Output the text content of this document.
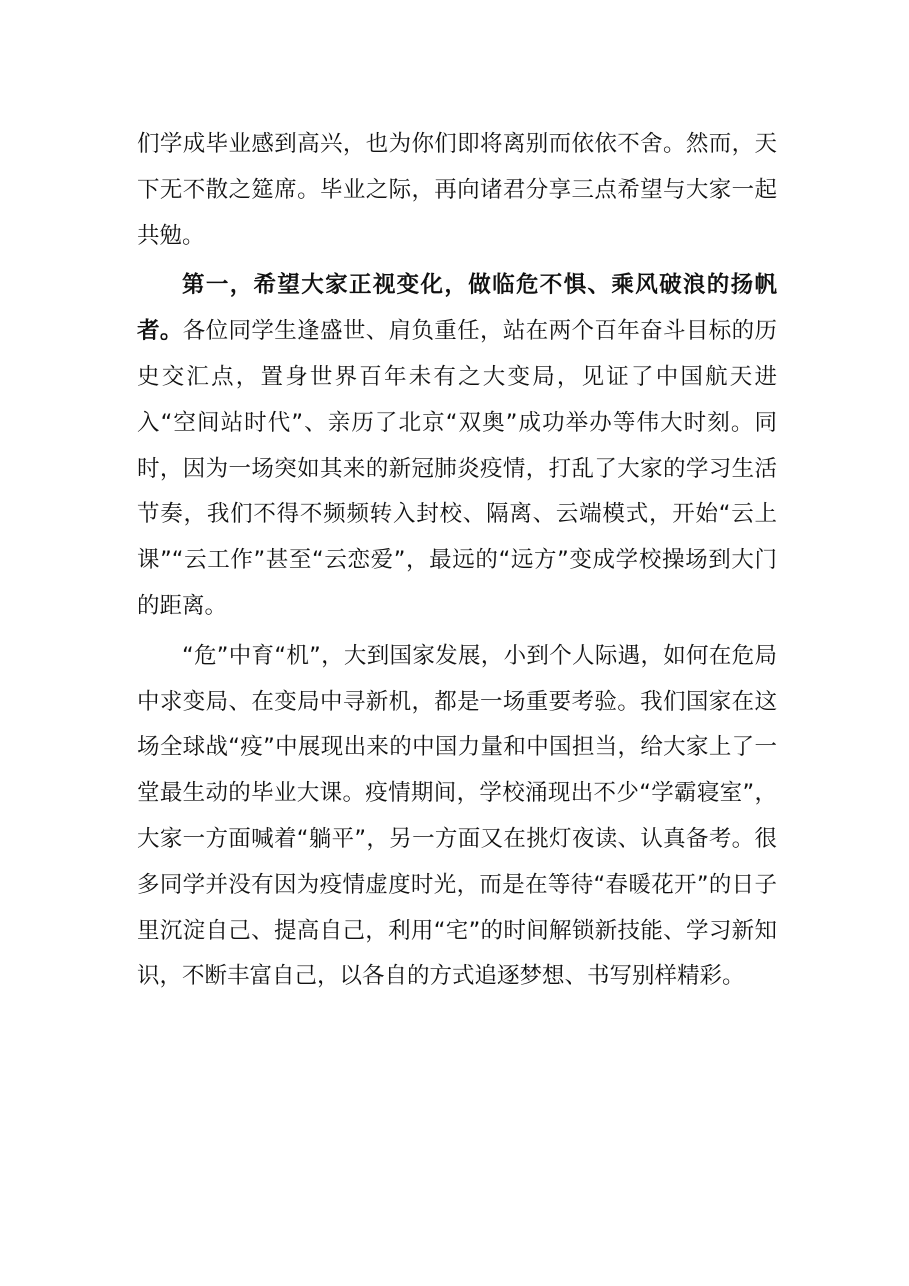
们学成毕业感到高兴，也为你们即将离别而依依不舍。然而，天下无不散之筵席。毕业之际，再向诸君分享三点希望与大家一起共勉。

第一，希望大家正视变化，做临危不惧、乘风破浪的扬帆者。各位同学生逢盛世、肩负重任，站在两个百年奋斗目标的历史交汇点，置身世界百年未有之大变局，见证了中国航天进入“空间站时代”、亲历了北京“双奥”成功举办等伟大时刻。同时，因为一场突如其来的新冠肺炎疫情，打乱了大家的学习生活节奏，我们不得不频频转入封校、隔离、云端模式，开始“云上课”“云工作”甚至“云恋爱”，最远的“远方”变成学校操场到大门的距离。

“危”中育“机”，大到国家发展，小到个人际遇，如何在危局中求变局、在变局中寻新机，都是一场重要考验。我们国家在这场全球战“疫”中展现出来的中国力量和中国担当，给大家上了一堂最生动的毕业大课。疫情期间，学校涌现出不少“学霸寝室”，大家一方面喊着“躺平”，另一方面又在挑灯夜读、认真备考。很多同学并没有因为疫情虚度时光，而是在等待“春暖花开”的日子里沉淀自己、提高自己，利用“宅”的时间解锁新技能、学习新知识，不断丰富自己，以各自的方式追逐梦想、书写别样精彩。
